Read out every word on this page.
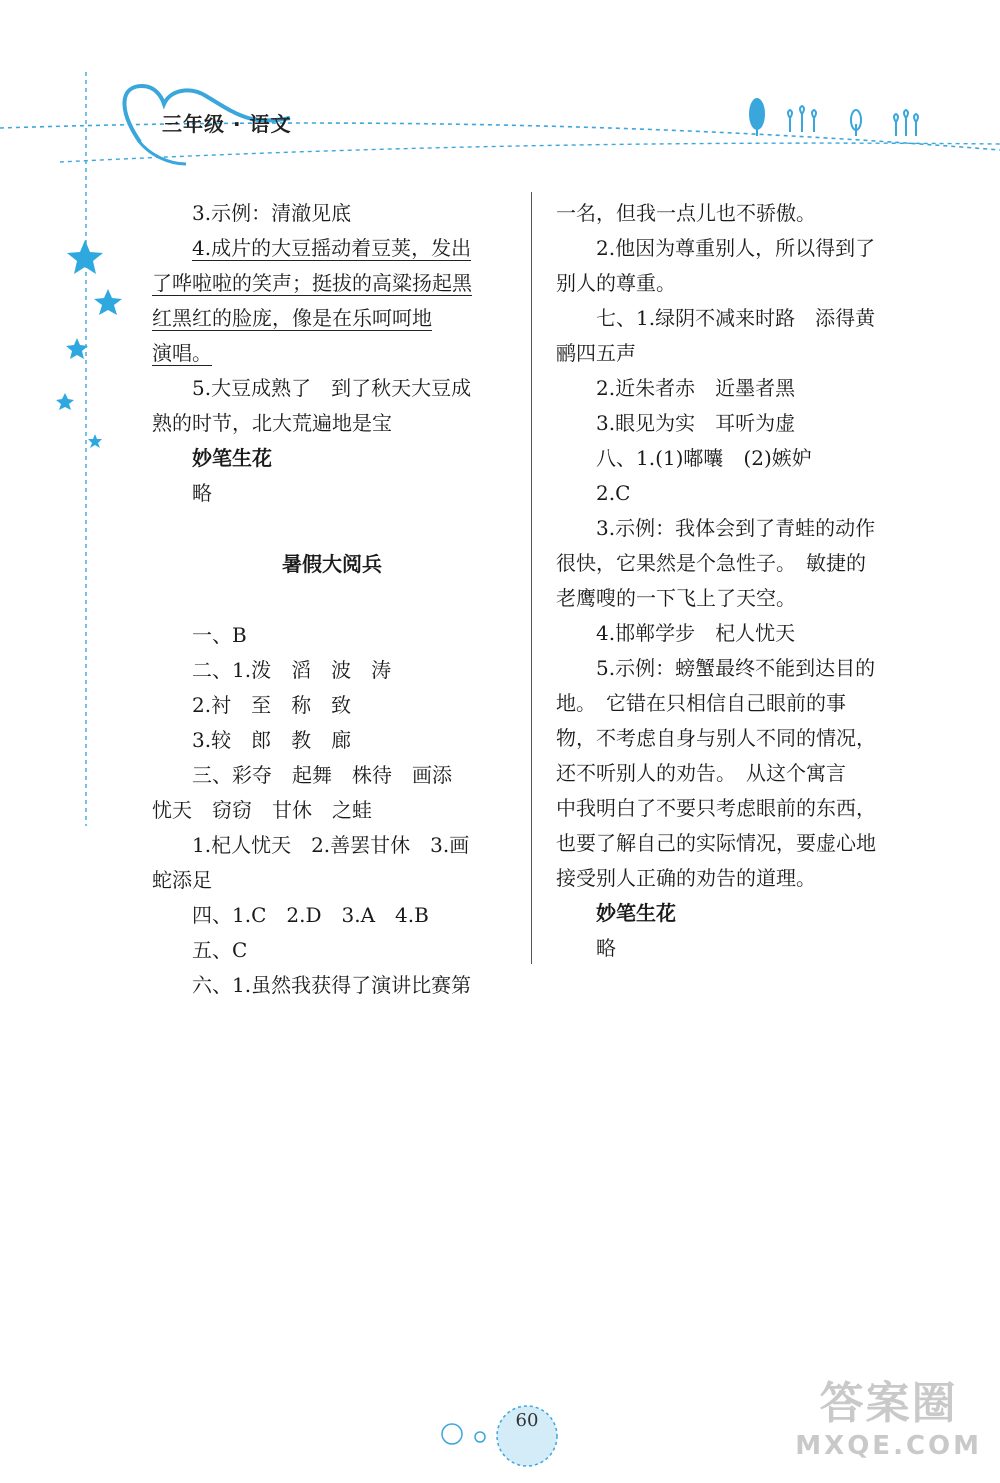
三年级 · 语文
3.示例：清澈见底
4.成片的大豆摇动着豆荚，发出
了哗啦啦的笑声；挺拔的高粱扬起黑
红黑红的脸庞，像是在乐呵呵地
演唱。
5.大豆成熟了　到了秋天大豆成
熟的时节，北大荒遍地是宝
妙笔生花
略
暑假大阅兵
一、B
二、1.泼　滔　波　涛
2.衬　至　称　致
3.较　郎　教　廊
三、彩夺　起舞　株待　画添
忧天　窃窃　甘休　之蛙
1.杞人忧天　2.善罢甘休　3.画
蛇添足
四、1.C　2.D　3.A　4.B
五、C
六、1.虽然我获得了演讲比赛第
一名，但我一点儿也不骄傲。
2.他因为尊重别人，所以得到了
别人的尊重。
七、1.绿阴不减来时路　添得黄
鹂四五声
2.近朱者赤　近墨者黑
3.眼见为实　耳听为虚
八、1.(1)嘟囔　(2)嫉妒
2.C
3.示例：我体会到了青蛙的动作
很快，它果然是个急性子。　敏捷的
老鹰嗖的一下飞上了天空。
4.邯郸学步　杞人忧天
5.示例：螃蟹最终不能到达目的
地。　它错在只相信自己眼前的事
物，不考虑自身与别人不同的情况，
还不听别人的劝告。　从这个寓言
中我明白了不要只考虑眼前的东西，
也要了解自己的实际情况，要虚心地
接受别人正确的劝告的道理。
妙笔生花
略
60	答案圈
MXQE.COM
